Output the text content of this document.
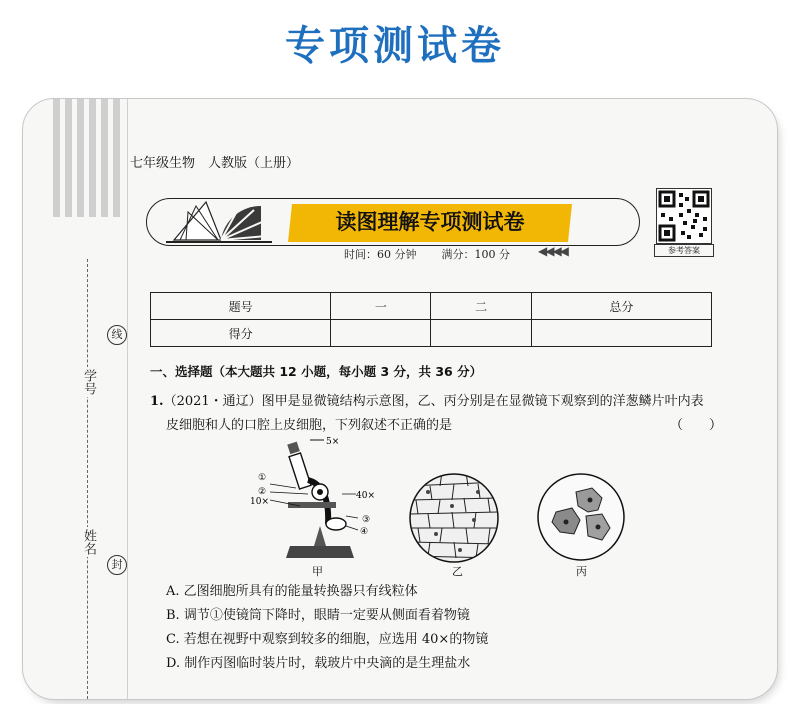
专项测试卷
线
学号
姓名
封
七年级生物　人教版（上册）
读图理解专项测试卷
时间：60 分钟 满分：100 分 ◀◀◀◀	参考答案
题号	一	二	总分
得分			
一、选择题（本大题共 12 小题，每小题 3 分，共 36 分）
1.（2021・通辽）图甲是显微镜结构示意图，乙、丙分别是在显微镜下观察到的洋葱鳞片叶内表
皮细胞和人的口腔上皮细胞，下列叙述不正确的是	（　　）
①
②
③
④
5×
10×
40×
甲	乙	丙
A. 乙图细胞所具有的能量转换器只有线粒体
B. 调节①使镜筒下降时，眼睛一定要从侧面看着物镜
C. 若想在视野中观察到较多的细胞，应选用 40×的物镜
D. 制作丙图临时装片时，载玻片中央滴的是生理盐水
